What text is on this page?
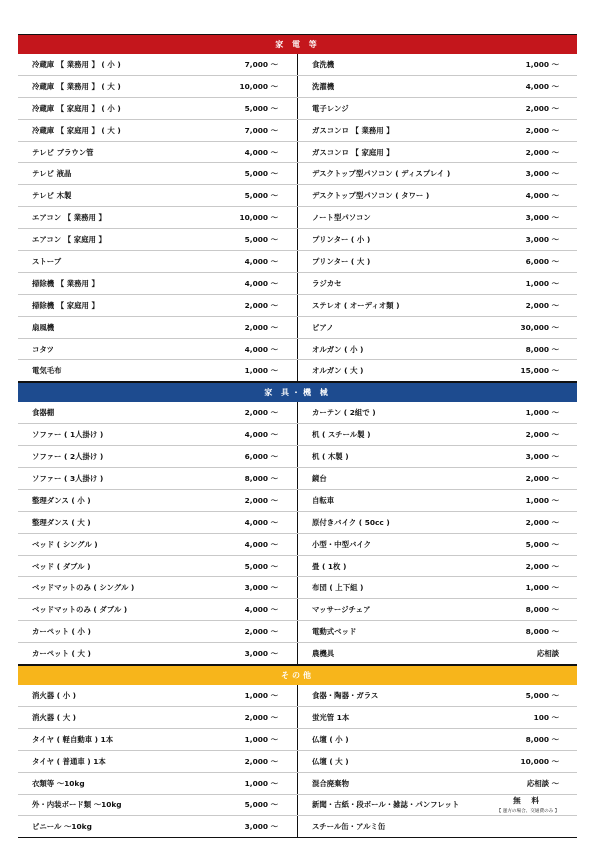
家 電 等
冷蔵庫 【 業務用 】 ( 小 )	7,000 ～	食洗機	1,000 ～
冷蔵庫 【 業務用 】 ( 大 )	10,000 ～	洗濯機	4,000 ～
冷蔵庫 【 家庭用 】 ( 小 )	5,000 ～	電子レンジ	2,000 ～
冷蔵庫 【 家庭用 】 ( 大 )	7,000 ～	ガスコンロ 【 業務用 】	2,000 ～
テレビ ブラウン管	4,000 ～	ガスコンロ 【 家庭用 】	2,000 ～
テレビ 液晶	5,000 ～	デスクトップ型パソコン ( ディスプレイ )	3,000 ～
テレビ 木製	5,000 ～	デスクトップ型パソコン ( タワー )	4,000 ～
エアコン 【 業務用 】	10,000 ～	ノート型パソコン	3,000 ～
エアコン 【 家庭用 】	5,000 ～	プリンター ( 小 )	3,000 ～
ストーブ	4,000 ～	プリンター ( 大 )	6,000 ～
掃除機 【 業務用 】	4,000 ～	ラジカセ	1,000 ～
掃除機 【 家庭用 】	2,000 ～	ステレオ ( オーディオ類 )	2,000 ～
扇風機	2,000 ～	ピアノ	30,000 ～
コタツ	4,000 ～	オルガン ( 小 )	8,000 ～
電気毛布	1,000 ～	オルガン ( 大 )	15,000 ～
家 具・機 械
食器棚	2,000 ～	カーテン ( 2組で )	1,000 ～
ソファー ( 1人掛け )	4,000 ～	机 ( スチール製 )	2,000 ～
ソファー ( 2人掛け )	6,000 ～	机 ( 木製 )	3,000 ～
ソファー ( 3人掛け )	8,000 ～	鏡台	2,000 ～
整理ダンス ( 小 )	2,000 ～	自転車	1,000 ～
整理ダンス ( 大 )	4,000 ～	原付きバイク ( 50cc )	2,000 ～
ベッド ( シングル )	4,000 ～	小型・中型バイク	5,000 ～
ベッド ( ダブル )	5,000 ～	畳 ( 1枚 )	2,000 ～
ベッドマットのみ ( シングル )	3,000 ～	布団 ( 上下組 )	1,000 ～
ベッドマットのみ ( ダブル )	4,000 ～	マッサージチェア	8,000 ～
カーペット ( 小 )	2,000 ～	電動式ベッド	8,000 ～
カーペット ( 大 )	3,000 ～	農機具	応相談
その他
消火器 ( 小 )	1,000 ～	食器・陶器・ガラス	5,000 ～
消火器 ( 大 )	2,000 ～	蛍光管 1本	100 ～
タイヤ ( 軽自動車 ) 1本	1,000 ～	仏壇 ( 小 )	8,000 ～
タイヤ ( 普通車 ) 1本	2,000 ～	仏壇 ( 大 )	10,000 ～
衣類等 ～10kg	1,000 ～	混合廃棄物	応相談 ～
外・内装ボード類 ～10kg	5,000 ～	新聞・古紙・段ボール・雑誌・パンフレット	無 料
【 運方の場合、交通費のみ 】
ビニール ～10kg	3,000 ～	スチール缶・アルミ缶
